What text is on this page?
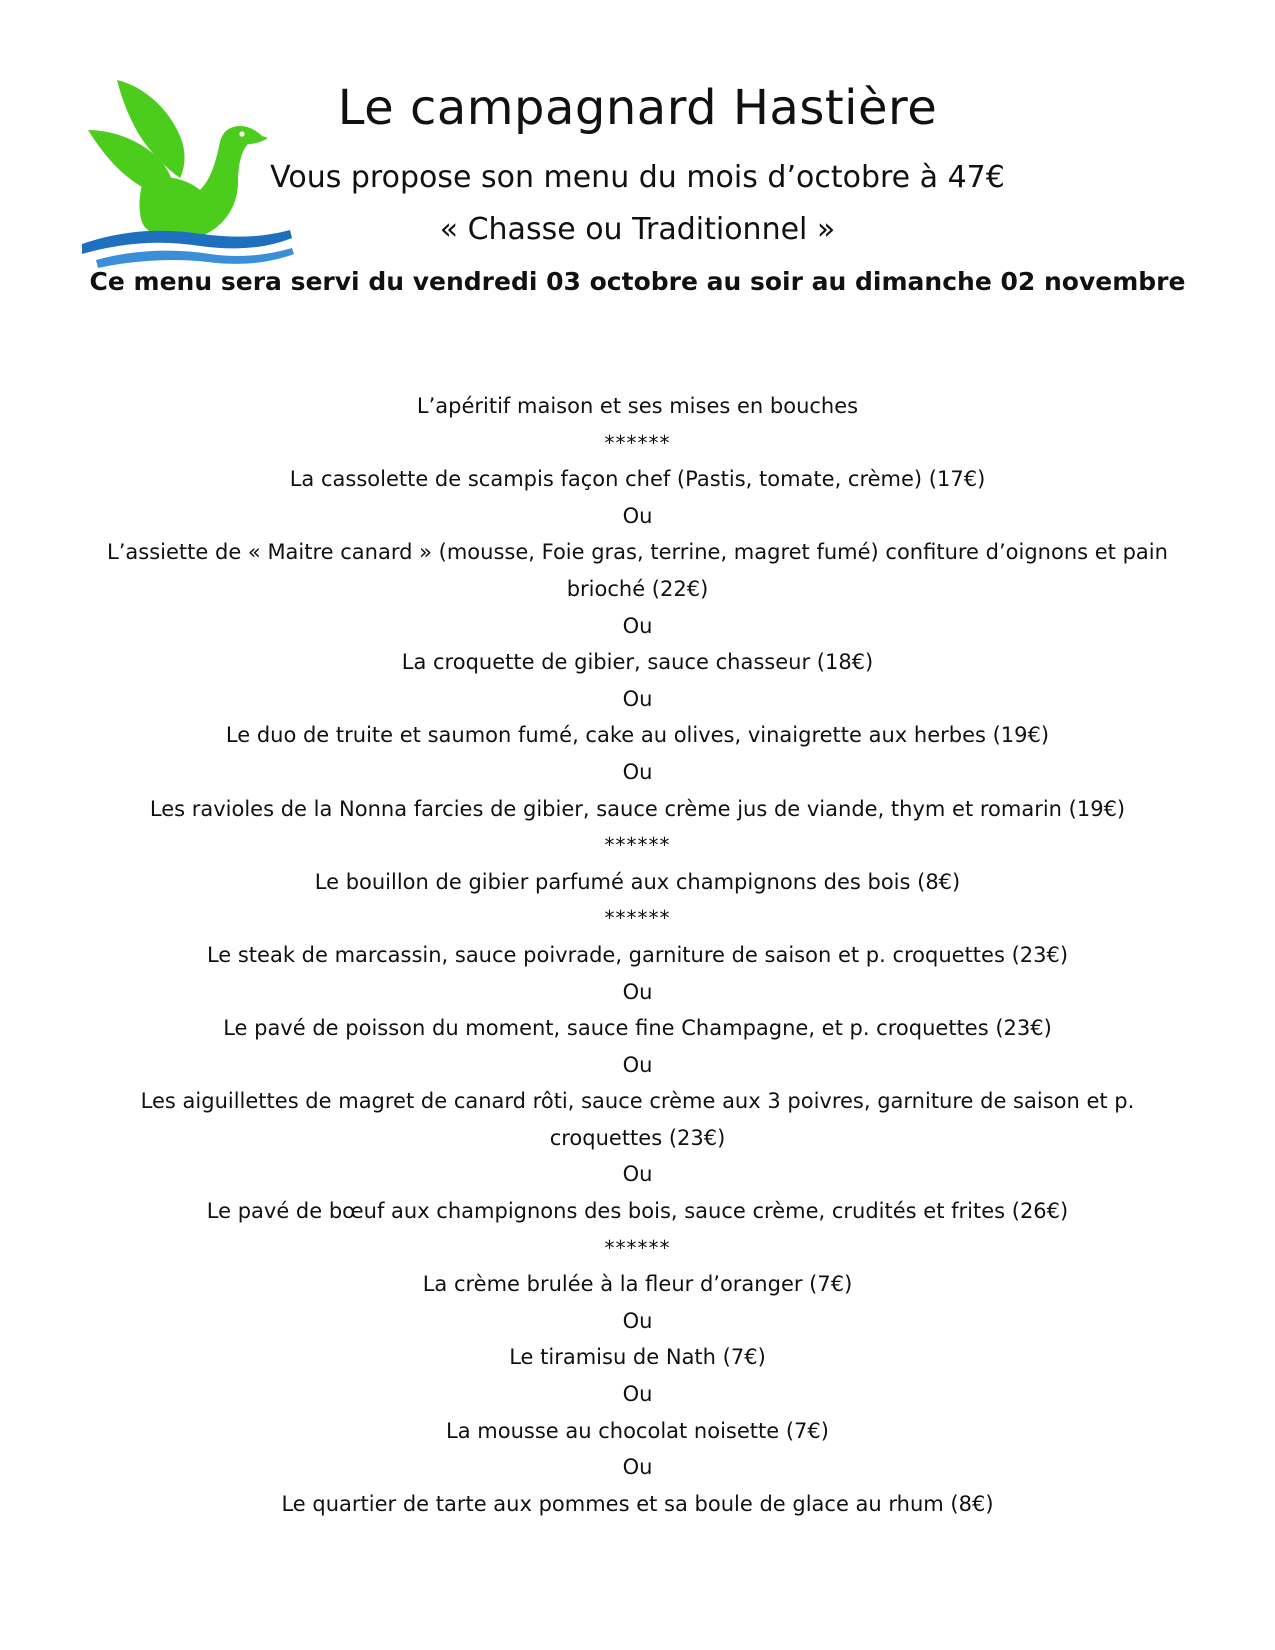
Le campagnard Hastière
Vous propose son menu du mois d’octobre à 47€
« Chasse ou Traditionnel »
Ce menu sera servi du vendredi 03 octobre au soir au dimanche 02 novembre
L’apéritif maison et ses mises en bouches
******
La cassolette de scampis façon chef (Pastis, tomate, crème) (17€)
Ou
L’assiette de « Maitre canard » (mousse, Foie gras, terrine, magret fumé) confiture d’oignons et pain brioché (22€)
Ou
La croquette de gibier, sauce chasseur (18€)
Ou
Le duo de truite et saumon fumé, cake au olives, vinaigrette aux herbes (19€)
Ou
Les ravioles de la Nonna farcies de gibier, sauce crème jus de viande, thym et romarin (19€)
******
Le bouillon de gibier parfumé aux champignons des bois (8€)
******
Le steak de marcassin, sauce poivrade, garniture de saison et p. croquettes (23€)
Ou
Le pavé de poisson du moment, sauce fine Champagne, et p. croquettes (23€)
Ou
Les aiguillettes de magret de canard rôti, sauce crème aux 3 poivres, garniture de saison et p. croquettes (23€)
Ou
Le pavé de bœuf aux champignons des bois, sauce crème, crudités et frites (26€)
******
La crème brulée à la fleur d’oranger (7€)
Ou
Le tiramisu de Nath (7€)
Ou
La mousse au chocolat noisette (7€)
Ou
Le quartier de tarte aux pommes et sa boule de glace au rhum (8€)
